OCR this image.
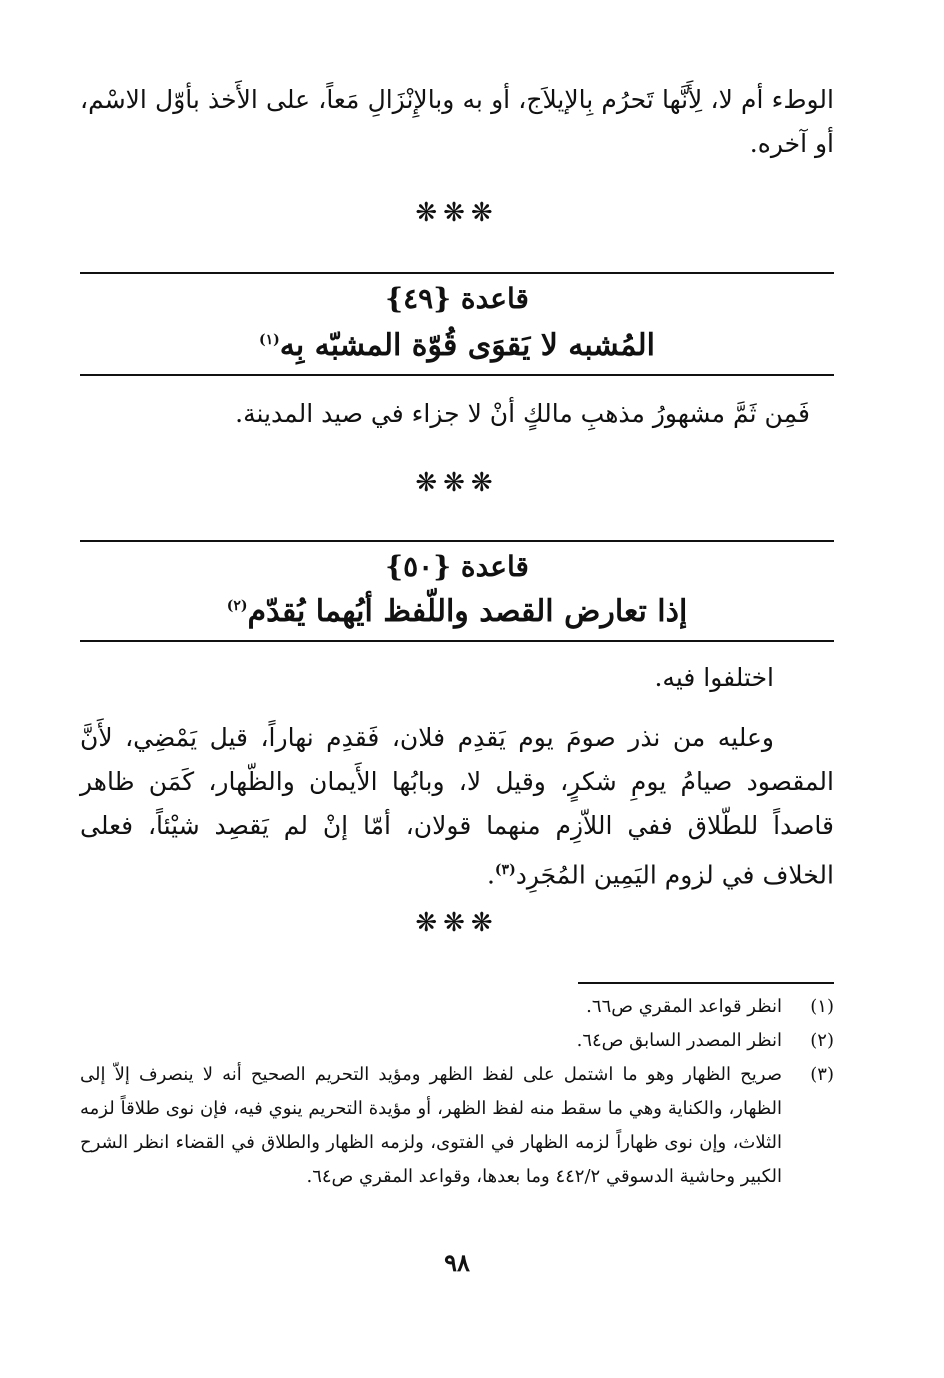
الوطء أم لا، لِأَنَّها تَحرُم بِالإيلاَج، أو به وبالإِنْزَالِ مَعاً، على الأَخذ بأوّل الاسْم، أو آخره.

❋❋❋
قاعدة {٤٩}
المُشبه لا يَقوَى قُوّة المشبّه بِه$^{(١)}$

فَمِن ثَمَّ مشهورُ مذهبِ مالكٍ أنْ لا جزاء في صيد المدينة.

❋❋❋
قاعدة {٥٠}
إذا تعارض القصد واللّفظ أيُهما يُقدّم$^{(٢)}$

اختلفوا فيه.

وعليه من نذر صومَ يوم يَقدِم فلان، فَقدِم نهاراً، قيل يَمْضِي، لأَنَّ المقصود صيامُ يومِ شكرٍ، وقيل لا، وبابُها الأَيمان والظّهار، كَمَن ظاهر قاصداً للطّلاق ففي اللاّزِم منهما قولان، أمّا إنْ لم يَقصِد شيْئاً، فعلى الخلاف في لزوم اليَمِين المُجَرِد$^{(٣)}$.

❋❋❋
(١)
انظر قواعد المقري ص٦٦.
(٢)
انظر المصدر السابق ص٦٤.
(٣)
صريح الظهار وهو ما اشتمل على لفظ الظهر ومؤيد التحريم الصحيح أنه لا ينصرف إلاّ إلى الظهار، والكناية وهي ما سقط منه لفظ الظهر، أو مؤيدة التحريم ينوي فيه، فإن نوى طلاقاً لزمه الثلاث، وإن نوى ظهاراً لزمه الظهار في الفتوى، ولزمه الظهار والطلاق في القضاء انظر الشرح الكبير وحاشية الدسوقي ٤٤٢/٢ وما بعدها، وقواعد المقري ص٦٤.
٩٨
